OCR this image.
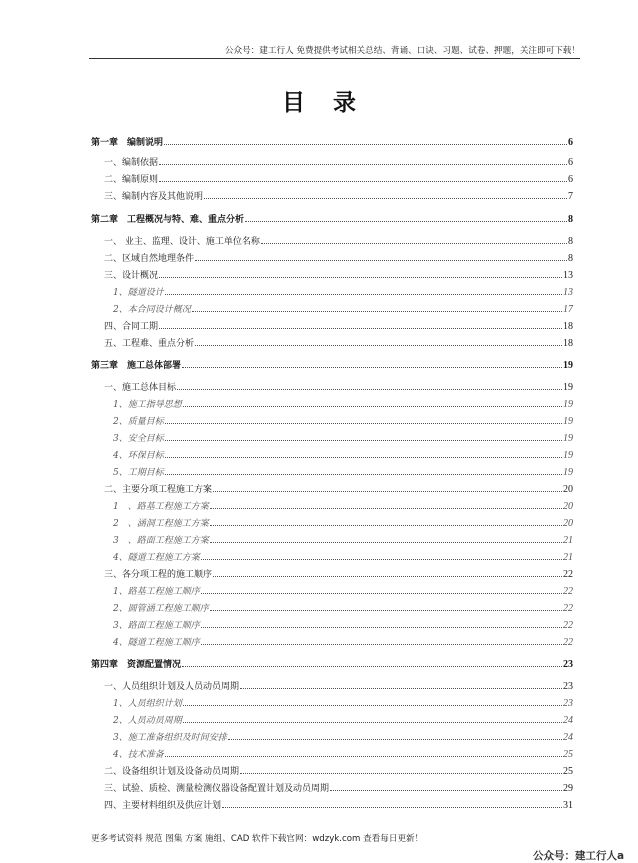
公众号：建工行人 免费提供考试相关总结、背诵、口诀、习题、试卷、押题，关注即可下载！
目录
第一章　编制说明	6
一、编制依据	6
二、编制原则	6
三、编制内容及其他说明	7
第二章　工程概况与特、难、重点分析	8
一、 业主、监理、设计、施工单位名称	8
二、区域自然地理条件	8
三、设计概况	13
1、隧道设计	13
2、本合同设计概况	17
四、合同工期	18
五、工程难、重点分析	18
第三章　施工总体部署	19
一、施工总体目标	19
1、施工指导思想	19
2、质量目标	19
3、安全目标	19
4、环保目标	19
5、工期目标	19
二、主要分项工程施工方案	20
1　、路基工程施工方案	20
2　、涵洞工程施工方案	20
3　、路面工程施工方案	21
4、隧道工程施工方案	21
三、各分项工程的施工顺序	22
1、路基工程施工顺序	22
2、圆管涵工程施工顺序	22
3、路面工程施工顺序	22
4、隧道工程施工顺序	22
第四章　资源配置情况	23
一、人员组织计划及人员动员周期	23
1、人员组织计划	23
2、人员动员周期	24
3、施工准备组织及时间安排	24
4、技术准备	25
二、设备组织计划及设备动员周期	25
三、试验、质检、测量检测仪器设备配置计划及动员周期	29
四、主要材料组织及供应计划	31
更多考试资料 规范 图集 方案 施组、CAD 软件下载官网：wdzyk.com 查看每日更新！
公众号：建工行人a
